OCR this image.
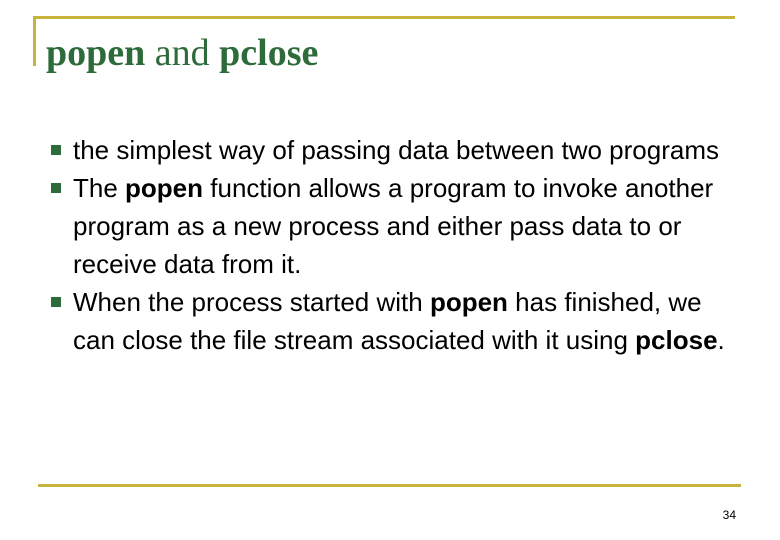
popen and pclose
the simplest way of passing data between two programs
The popen function allows a program to invoke another program as a new process and either pass data to or receive data from it.
When the process started with popen has finished, we can close the file stream associated with it using pclose.
34
